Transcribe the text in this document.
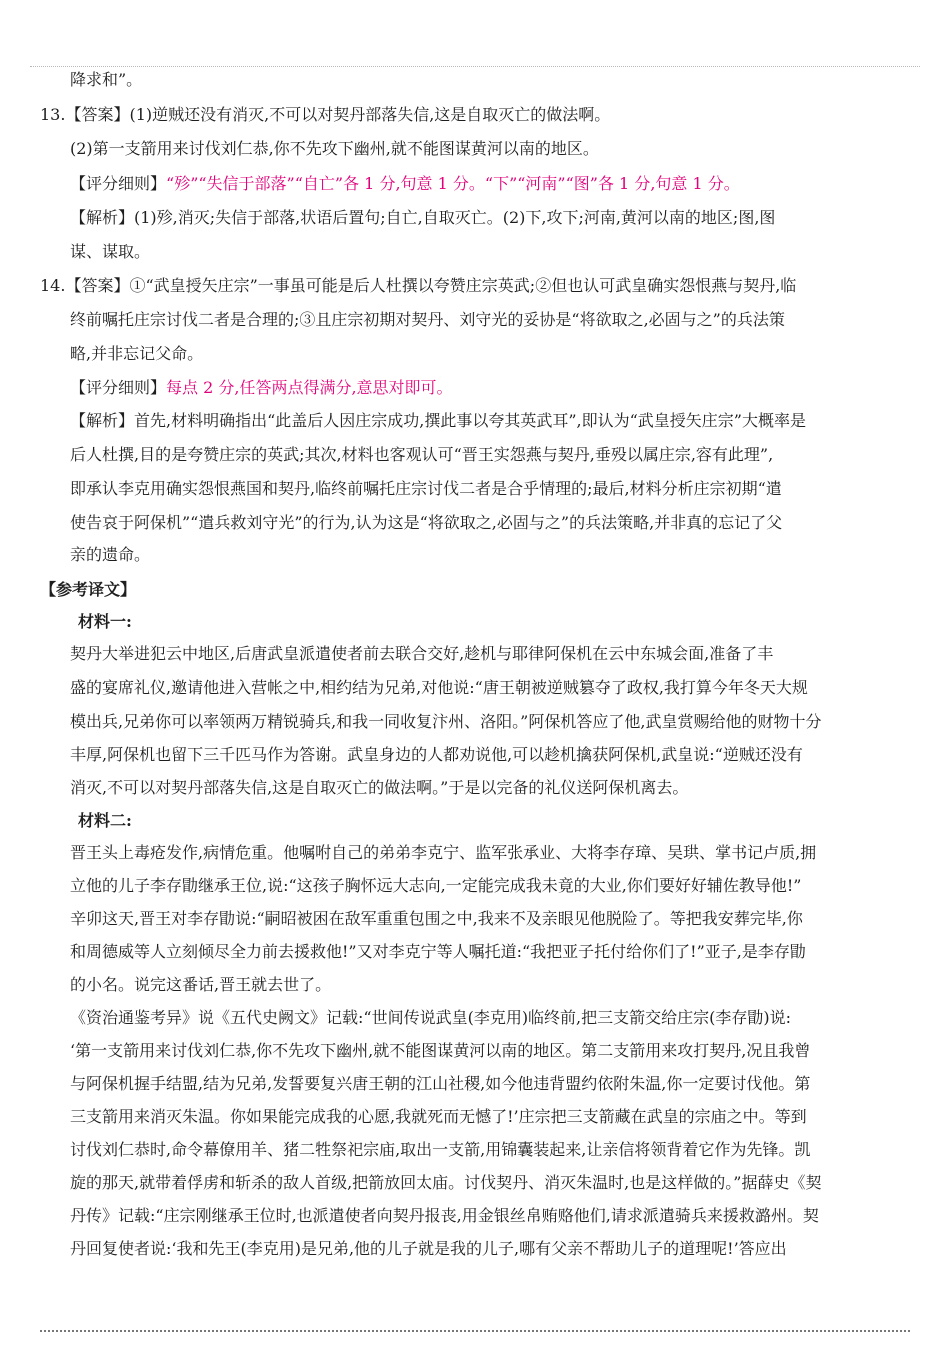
降求和”。
13.【答案】(1)逆贼还没有消灭,不可以对契丹部落失信,这是自取灭亡的做法啊。
(2)第一支箭用来讨伐刘仁恭,你不先攻下幽州,就不能图谋黄河以南的地区。
【评分细则】“殄”“失信于部落”“自亡”各 1 分,句意 1 分。“下”“河南”“图”各 1 分,句意 1 分。
【解析】(1)殄,消灭;失信于部落,状语后置句;自亡,自取灭亡。(2)下,攻下;河南,黄河以南的地区;图,图
谋、谋取。
14.【答案】①“武皇授矢庄宗”一事虽可能是后人杜撰以夸赞庄宗英武;②但也认可武皇确实怨恨燕与契丹,临
终前嘱托庄宗讨伐二者是合理的;③且庄宗初期对契丹、刘守光的妥协是“将欲取之,必固与之”的兵法策
略,并非忘记父命。
【评分细则】每点 2 分,任答两点得满分,意思对即可。
【解析】首先,材料明确指出“此盖后人因庄宗成功,撰此事以夸其英武耳”,即认为“武皇授矢庄宗”大概率是
后人杜撰,目的是夸赞庄宗的英武;其次,材料也客观认可“晋王实怨燕与契丹,垂殁以属庄宗,容有此理”,
即承认李克用确实怨恨燕国和契丹,临终前嘱托庄宗讨伐二者是合乎情理的;最后,材料分析庄宗初期“遣
使告哀于阿保机”“遣兵救刘守光”的行为,认为这是“将欲取之,必固与之”的兵法策略,并非真的忘记了父
亲的遗命。
【参考译文】
材料一:
契丹大举进犯云中地区,后唐武皇派遣使者前去联合交好,趁机与耶律阿保机在云中东城会面,准备了丰
盛的宴席礼仪,邀请他进入营帐之中,相约结为兄弟,对他说:“唐王朝被逆贼篡夺了政权,我打算今年冬天大规
模出兵,兄弟你可以率领两万精锐骑兵,和我一同收复汴州、洛阳。”阿保机答应了他,武皇赏赐给他的财物十分
丰厚,阿保机也留下三千匹马作为答谢。武皇身边的人都劝说他,可以趁机擒获阿保机,武皇说:“逆贼还没有
消灭,不可以对契丹部落失信,这是自取灭亡的做法啊。”于是以完备的礼仪送阿保机离去。
材料二:
晋王头上毒疮发作,病情危重。他嘱咐自己的弟弟李克宁、监军张承业、大将李存璋、吴珙、掌书记卢质,拥
立他的儿子李存勖继承王位,说:“这孩子胸怀远大志向,一定能完成我未竟的大业,你们要好好辅佐教导他!”
辛卯这天,晋王对李存勖说:“嗣昭被困在敌军重重包围之中,我来不及亲眼见他脱险了。等把我安葬完毕,你
和周德威等人立刻倾尽全力前去援救他!”又对李克宁等人嘱托道:“我把亚子托付给你们了!”亚子,是李存勖
的小名。说完这番话,晋王就去世了。
《资治通鉴考异》说《五代史阙文》记载:“世间传说武皇(李克用)临终前,把三支箭交给庄宗(李存勖)说:
‘第一支箭用来讨伐刘仁恭,你不先攻下幽州,就不能图谋黄河以南的地区。第二支箭用来攻打契丹,况且我曾
与阿保机握手结盟,结为兄弟,发誓要复兴唐王朝的江山社稷,如今他违背盟约依附朱温,你一定要讨伐他。第
三支箭用来消灭朱温。你如果能完成我的心愿,我就死而无憾了!’庄宗把三支箭藏在武皇的宗庙之中。等到
讨伐刘仁恭时,命令幕僚用羊、猪二牲祭祀宗庙,取出一支箭,用锦囊装起来,让亲信将领背着它作为先锋。凯
旋的那天,就带着俘虏和斩杀的敌人首级,把箭放回太庙。讨伐契丹、消灭朱温时,也是这样做的。”据薛史《契
丹传》记载:“庄宗刚继承王位时,也派遣使者向契丹报丧,用金银丝帛贿赂他们,请求派遣骑兵来援救潞州。契
丹回复使者说:‘我和先王(李克用)是兄弟,他的儿子就是我的儿子,哪有父亲不帮助儿子的道理呢!’答应出
